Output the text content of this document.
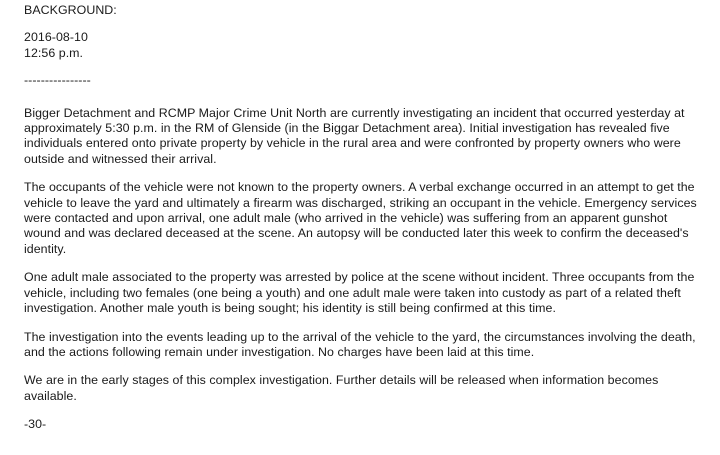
BACKGROUND:
2016-08-10
12:56 p.m.
----------------

Bigger Detachment and RCMP Major Crime Unit North are currently investigating an incident that occurred yesterday at approximately 5:30 p.m. in the RM of Glenside (in the Biggar Detachment area). Initial investigation has revealed five individuals entered onto private property by vehicle in the rural area and were confronted by property owners who were outside and witnessed their arrival.

The occupants of the vehicle were not known to the property owners. A verbal exchange occurred in an attempt to get the vehicle to leave the yard and ultimately a firearm was discharged, striking an occupant in the vehicle. Emergency services were contacted and upon arrival, one adult male (who arrived in the vehicle) was suffering from an apparent gunshot wound and was declared deceased at the scene. An autopsy will be conducted later this week to confirm the deceased's identity.

One adult male associated to the property was arrested by police at the scene without incident. Three occupants from the vehicle, including two females (one being a youth) and one adult male were taken into custody as part of a related theft investigation. Another male youth is being sought; his identity is still being confirmed at this time.

The investigation into the events leading up to the arrival of the vehicle to the yard, the circumstances involving the death, and the actions following remain under investigation. No charges have been laid at this time.

We are in the early stages of this complex investigation. Further details will be released when information becomes available.

-30-
